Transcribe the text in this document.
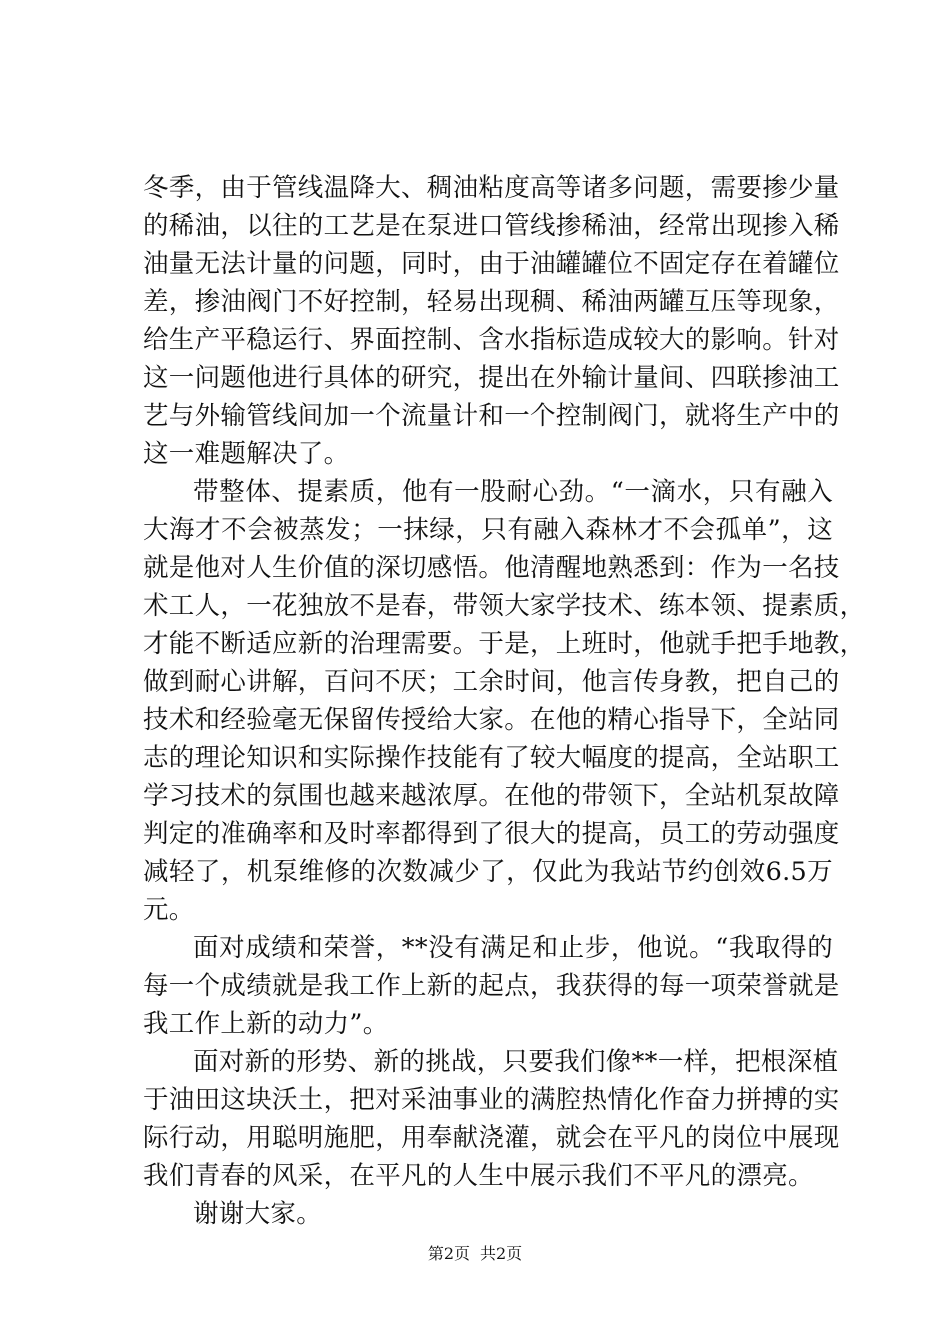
冬季，由于管线温降大、稠油粘度高等诸多问题，需要掺少量
的稀油，以往的工艺是在泵进口管线掺稀油，经常出现掺入稀
油量无法计量的问题，同时，由于油罐罐位不固定存在着罐位
差，掺油阀门不好控制，轻易出现稠、稀油两罐互压等现象，
给生产平稳运行、界面控制、含水指标造成较大的影响。针对
这一问题他进行具体的研究，提出在外输计量间、四联掺油工
艺与外输管线间加一个流量计和一个控制阀门，就将生产中的
这一难题解决了。
带整体、提素质，他有一股耐心劲。“一滴水，只有融入
大海才不会被蒸发；一抹绿，只有融入森林才不会孤单”，这
就是他对人生价值的深切感悟。他清醒地熟悉到：作为一名技
术工人，一花独放不是春，带领大家学技术、练本领、提素质，
才能不断适应新的治理需要。于是，上班时，他就手把手地教，
做到耐心讲解，百问不厌；工余时间，他言传身教，把自己的
技术和经验毫无保留传授给大家。在他的精心指导下，全站同
志的理论知识和实际操作技能有了较大幅度的提高，全站职工
学习技术的氛围也越来越浓厚。在他的带领下，全站机泵故障
判定的准确率和及时率都得到了很大的提高，员工的劳动强度
减轻了，机泵维修的次数减少了，仅此为我站节约创效6.5万
元。
面对成绩和荣誉，**没有满足和止步，他说。“我取得的
每一个成绩就是我工作上新的起点，我获得的每一项荣誉就是
我工作上新的动力”。
面对新的形势、新的挑战，只要我们像**一样，把根深植
于油田这块沃土，把对采油事业的满腔热情化作奋力拼搏的实
际行动，用聪明施肥，用奉献浇灌，就会在平凡的岗位中展现
我们青春的风采，在平凡的人生中展示我们不平凡的漂亮。
谢谢大家。
第2页 共2页
